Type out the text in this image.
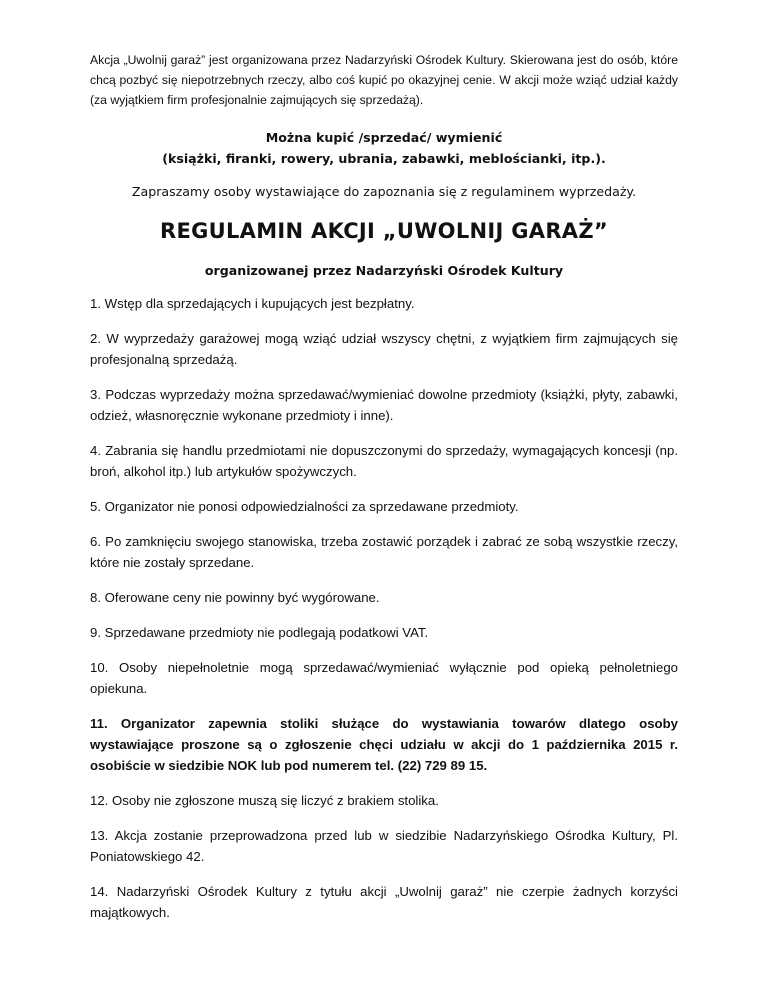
Akcja „Uwolnij garaż” jest organizowana przez Nadarzyński Ośrodek Kultury. Skierowana jest do osób, które chcą pozbyć się niepotrzebnych rzeczy, albo coś kupić po okazyjnej cenie. W akcji może wziąć udział każdy (za wyjątkiem firm profesjonalnie zajmujących się sprzedażą).

Można kupić /sprzedać/ wymienić

(książki, firanki, rowery, ubrania, zabawki, meblościanki, itp.).

Zapraszamy osoby wystawiające do zapoznania się z regulaminem wyprzedaży.

REGULAMIN AKCJI „UWOLNIJ GARAŻ”

organizowanej przez Nadarzyński Ośrodek Kultury

1. Wstęp dla sprzedających i kupujących jest bezpłatny.

2. W wyprzedaży garażowej mogą wziąć udział wszyscy chętni, z wyjątkiem firm zajmujących się profesjonalną sprzedażą.

3. Podczas wyprzedaży można sprzedawać/wymieniać dowolne przedmioty (książki, płyty, zabawki, odzież, własnoręcznie wykonane przedmioty i inne).

4. Zabrania się handlu przedmiotami nie dopuszczonymi do sprzedaży, wymagających koncesji (np. broń, alkohol itp.) lub artykułów spożywczych.

5. Organizator nie ponosi odpowiedzialności za sprzedawane przedmioty.

6. Po zamknięciu swojego stanowiska, trzeba zostawić porządek i zabrać ze sobą wszystkie rzeczy, które nie zostały sprzedane.

8. Oferowane ceny nie powinny być wygórowane.

9. Sprzedawane przedmioty nie podlegają podatkowi VAT.

10. Osoby niepełnoletnie mogą sprzedawać/wymieniać wyłącznie pod opieką pełnoletniego opiekuna.

11. Organizator zapewnia stoliki służące do wystawiania towarów dlatego osoby wystawiające proszone są o zgłoszenie chęci udziału w akcji do 1 października 2015 r. osobiście w siedzibie NOK lub pod numerem tel. (22) 729 89 15.

12. Osoby nie zgłoszone muszą się liczyć z brakiem stolika.

13. Akcja zostanie przeprowadzona przed lub w siedzibie Nadarzyńskiego Ośrodka Kultury, Pl. Poniatowskiego 42.

14. Nadarzyński Ośrodek Kultury z tytułu akcji „Uwolnij garaż” nie czerpie żadnych korzyści majątkowych.
